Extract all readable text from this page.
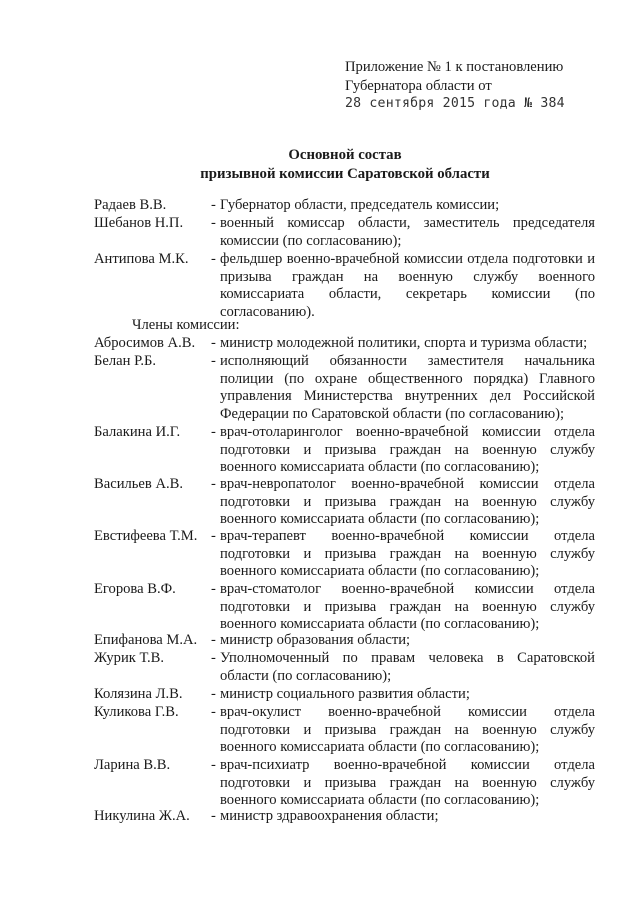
Приложение № 1 к постановлению
Губернатора области от
28 сентября 2015 года № 384
Основной состав
призывной комиссии Саратовской области
Радаев В.В.	- Губернатор области, председатель комиссии;
Шебанов Н.П. - военный комиссар области, заместитель председателя комиссии (по согласованию);
Антипова М.К. - фельдшер военно-врачебной комиссии отдела подготовки и призыва граждан на военную службу военного комиссариата области, секретарь комиссии (по согласованию).
Члены комиссии:
Абросимов А.В. - министр молодежной политики, спорта и туризма области;
Белан Р.Б.	- исполняющий обязанности заместителя начальника полиции (по охране общественного порядка) Главного управления Министерства внутренних дел Российской Федерации по Саратовской области (по согласованию);
Балакина И.Г. - врач-отоларинголог военно-врачебной комиссии отдела подготовки и призыва граждан на военную службу военного комиссариата области (по согласованию);
Васильев А.В. - врач-невропатолог военно-врачебной комиссии отдела подготовки и призыва граждан на военную службу военного комиссариата области (по согласованию);
Евстифеева Т.М. - врач-терапевт военно-врачебной комиссии отдела подготовки и призыва граждан на военную службу военного комиссариата области (по согласованию);
Егорова В.Ф. - врач-стоматолог военно-врачебной комиссии отдела подготовки и призыва граждан на военную службу военного комиссариата области (по согласованию);
Епифанова М.А. - министр образования области;
Журик Т.В.	- Уполномоченный по правам человека в Саратовской области (по согласованию);
Колязина Л.В. - министр социального развития области;
Куликова Г.В. - врач-окулист военно-врачебной комиссии отдела подготовки и призыва граждан на военную службу военного комиссариата области (по согласованию);
Ларина В.В.	- врач-психиатр военно-врачебной комиссии отдела подготовки и призыва граждан на военную службу военного комиссариата области (по согласованию);
Никулина Ж.А. - министр здравоохранения области;
